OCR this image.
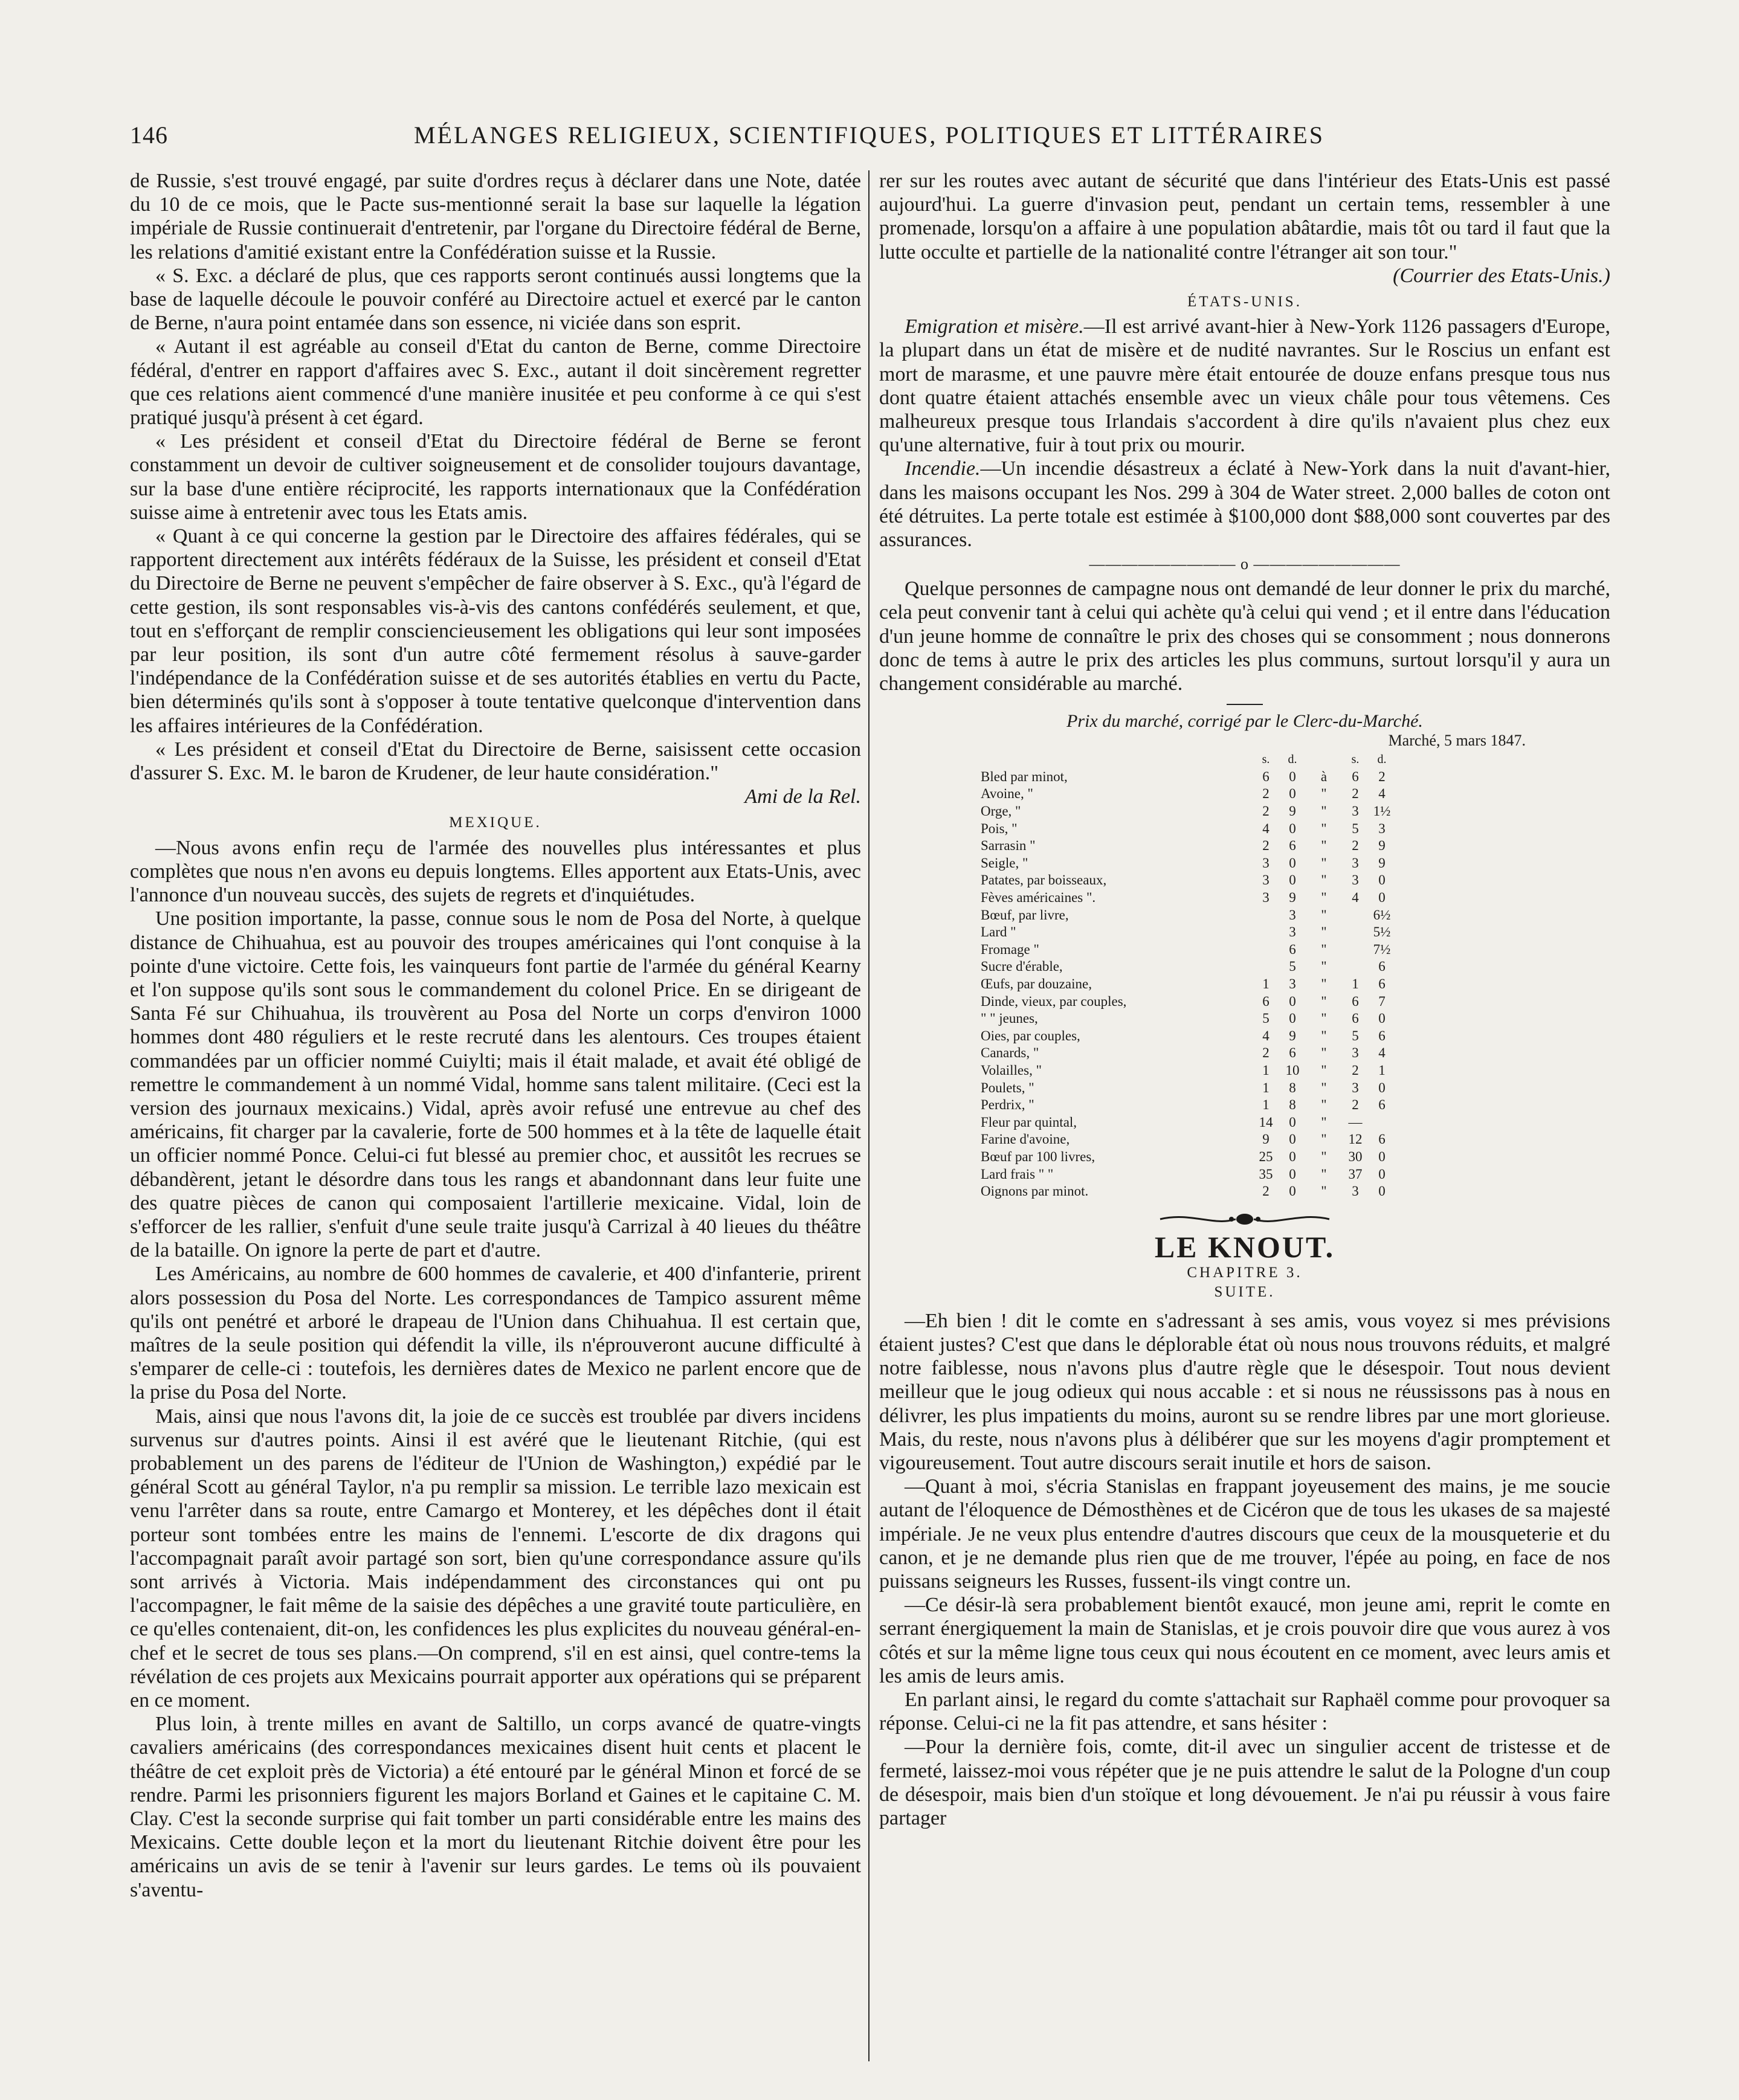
146	MÉLANGES RELIGIEUX, SCIENTIFIQUES, POLITIQUES ET LITTÉRAIRES

de Russie, s'est trouvé engagé, par suite d'ordres reçus à déclarer dans une Note, datée du 10 de ce mois, que le Pacte sus-mentionné serait la base sur laquelle la légation impériale de Russie continuerait d'entretenir, par l'organe du Directoire fédéral de Berne, les relations d'amitié existant entre la Confédération suisse et la Russie.

« S. Exc. a déclaré de plus, que ces rapports seront continués aussi longtems que la base de laquelle découle le pouvoir conféré au Directoire actuel et exercé par le canton de Berne, n'aura point entamée dans son essence, ni viciée dans son esprit.

« Autant il est agréable au conseil d'Etat du canton de Berne, comme Directoire fédéral, d'entrer en rapport d'affaires avec S. Exc., autant il doit sincèrement regretter que ces relations aient commencé d'une manière inusitée et peu conforme à ce qui s'est pratiqué jusqu'à présent à cet égard.

« Les président et conseil d'Etat du Directoire fédéral de Berne se feront constamment un devoir de cultiver soigneusement et de consolider toujours davantage, sur la base d'une entière réciprocité, les rapports internationaux que la Confédération suisse aime à entretenir avec tous les Etats amis.

« Quant à ce qui concerne la gestion par le Directoire des affaires fédérales, qui se rapportent directement aux intérêts fédéraux de la Suisse, les président et conseil d'Etat du Directoire de Berne ne peuvent s'empêcher de faire observer à S. Exc., qu'à l'égard de cette gestion, ils sont responsables vis-à-vis des cantons confédérés seulement, et que, tout en s'efforçant de remplir consciencieusement les obligations qui leur sont imposées par leur position, ils sont d'un autre côté fermement résolus à sauve-garder l'indépendance de la Confédération suisse et de ses autorités établies en vertu du Pacte, bien déterminés qu'ils sont à s'opposer à toute tentative quelconque d'intervention dans les affaires intérieures de la Confédération.

« Les président et conseil d'Etat du Directoire de Berne, saisissent cette occasion d'assurer S. Exc. M. le baron de Krudener, de leur haute considération."

Ami de la Rel.

MEXIQUE.

—Nous avons enfin reçu de l'armée des nouvelles plus intéressantes et plus complètes que nous n'en avons eu depuis longtems. Elles apportent aux Etats-Unis, avec l'annonce d'un nouveau succès, des sujets de regrets et d'inquiétudes.

Une position importante, la passe, connue sous le nom de Posa del Norte, à quelque distance de Chihuahua, est au pouvoir des troupes américaines qui l'ont conquise à la pointe d'une victoire. Cette fois, les vainqueurs font partie de l'armée du général Kearny et l'on suppose qu'ils sont sous le commandement du colonel Price. En se dirigeant de Santa Fé sur Chihuahua, ils trouvèrent au Posa del Norte un corps d'environ 1000 hommes dont 480 réguliers et le reste recruté dans les alentours. Ces troupes étaient commandées par un officier nommé Cuiylti; mais il était malade, et avait été obligé de remettre le commandement à un nommé Vidal, homme sans talent militaire. (Ceci est la version des journaux mexicains.) Vidal, après avoir refusé une entrevue au chef des américains, fit charger par la cavalerie, forte de 500 hommes et à la tête de laquelle était un officier nommé Ponce. Celui-ci fut blessé au premier choc, et aussitôt les recrues se débandèrent, jetant le désordre dans tous les rangs et abandonnant dans leur fuite une des quatre pièces de canon qui composaient l'artillerie mexicaine. Vidal, loin de s'efforcer de les rallier, s'enfuit d'une seule traite jusqu'à Carrizal à 40 lieues du théâtre de la bataille. On ignore la perte de part et d'autre.

Les Américains, au nombre de 600 hommes de cavalerie, et 400 d'infanterie, prirent alors possession du Posa del Norte. Les correspondances de Tampico assurent même qu'ils ont penétré et arboré le drapeau de l'Union dans Chihuahua. Il est certain que, maîtres de la seule position qui défendit la ville, ils n'éprouveront aucune difficulté à s'emparer de celle-ci : toutefois, les dernières dates de Mexico ne parlent encore que de la prise du Posa del Norte.

Mais, ainsi que nous l'avons dit, la joie de ce succès est troublée par divers incidens survenus sur d'autres points. Ainsi il est avéré que le lieutenant Ritchie, (qui est probablement un des parens de l'éditeur de l'Union de Washington,) expédié par le général Scott au général Taylor, n'a pu remplir sa mission. Le terrible lazo mexicain est venu l'arrêter dans sa route, entre Camargo et Monterey, et les dépêches dont il était porteur sont tombées entre les mains de l'ennemi. L'escorte de dix dragons qui l'accompagnait paraît avoir partagé son sort, bien qu'une correspondance assure qu'ils sont arrivés à Victoria. Mais indépendamment des circonstances qui ont pu l'accompagner, le fait même de la saisie des dépêches a une gravité toute particulière, en ce qu'elles contenaient, dit-on, les confidences les plus explicites du nouveau général-en-chef et le secret de tous ses plans.—On comprend, s'il en est ainsi, quel contre-tems la révélation de ces projets aux Mexicains pourrait apporter aux opérations qui se préparent en ce moment.

Plus loin, à trente milles en avant de Saltillo, un corps avancé de quatre-vingts cavaliers américains (des correspondances mexicaines disent huit cents et placent le théâtre de cet exploit près de Victoria) a été entouré par le général Minon et forcé de se rendre. Parmi les prisonniers figurent les majors Borland et Gaines et le capitaine C. M. Clay. C'est la seconde surprise qui fait tomber un parti considérable entre les mains des Mexicains. Cette double leçon et la mort du lieutenant Ritchie doivent être pour les américains un avis de se tenir à l'avenir sur leurs gardes. Le tems où ils pouvaient s'aventu-

rer sur les routes avec autant de sécurité que dans l'intérieur des Etats-Unis est passé aujourd'hui. La guerre d'invasion peut, pendant un certain tems, ressembler à une promenade, lorsqu'on a affaire à une population abâtardie, mais tôt ou tard il faut que la lutte occulte et partielle de la nationalité contre l'étranger ait son tour."

(Courrier des Etats-Unis.)

ÉTATS-UNIS.

Emigration et misère.—Il est arrivé avant-hier à New-York 1126 passagers d'Europe, la plupart dans un état de misère et de nudité navrantes. Sur le Roscius un enfant est mort de marasme, et une pauvre mère était entourée de douze enfans presque tous nus dont quatre étaient attachés ensemble avec un vieux châle pour tous vêtemens. Ces malheureux presque tous Irlandais s'accordent à dire qu'ils n'avaient plus chez eux qu'une alternative, fuir à tout prix ou mourir.

Incendie.—Un incendie désastreux a éclaté à New-York dans la nuit d'avant-hier, dans les maisons occupant les Nos. 299 à 304 de Water street. 2,000 balles de coton ont été détruites. La perte totale est estimée à $100,000 dont $88,000 sont couvertes par des assurances.

————————— o —————————

Quelque personnes de campagne nous ont demandé de leur donner le prix du marché, cela peut convenir tant à celui qui achète qu'à celui qui vend ; et il entre dans l'éducation d'un jeune homme de connaître le prix des choses qui se consomment ; nous donnerons donc de tems à autre le prix des articles les plus communs, surtout lorsqu'il y aura un changement considérable au marché.

Prix du marché, corrigé par le Clerc-du-Marché.
Marché, 5 mars 1847.
	s.	d.		s.	d.
Bled par minot,	6	0	à	6	2
Avoine, "	2	0	"	2	4
Orge, "	2	9	"	3	1½
Pois, "	4	0	"	5	3
Sarrasin "	2	6	"	2	9
Seigle, "	3	0	"	3	9
Patates, par boisseaux,	3	0	"	3	0
Fèves américaines ".	3	9	"	4	0
Bœuf, par livre,		3	"		6½
Lard "		3	"		5½
Fromage "		6	"		7½
Sucre d'érable,		5	"		6
Œufs, par douzaine,	1	3	"	1	6
Dinde, vieux, par couples,	6	0	"	6	7
" " jeunes,	5	0	"	6	0
Oies, par couples,	4	9	"	5	6
Canards, "	2	6	"	3	4
Volailles, "	1	10	"	2	1
Poulets, "	1	8	"	3	0
Perdrix, "	1	8	"	2	6
Fleur par quintal,	14	0	"	—	
Farine d'avoine,	9	0	"	12	6
Bœuf par 100 livres,	25	0	"	30	0
Lard frais " "	35	0	"	37	0
Oignons par minot.	2	0	"	3	0
LE KNOUT.
CHAPITRE 3.
SUITE.

—Eh bien ! dit le comte en s'adressant à ses amis, vous voyez si mes prévisions étaient justes? C'est que dans le déplorable état où nous nous trouvons réduits, et malgré notre faiblesse, nous n'avons plus d'autre règle que le désespoir. Tout nous devient meilleur que le joug odieux qui nous accable : et si nous ne réussissons pas à nous en délivrer, les plus impatients du moins, auront su se rendre libres par une mort glorieuse. Mais, du reste, nous n'avons plus à délibérer que sur les moyens d'agir promptement et vigoureusement. Tout autre discours serait inutile et hors de saison.

—Quant à moi, s'écria Stanislas en frappant joyeusement des mains, je me soucie autant de l'éloquence de Démosthènes et de Cicéron que de tous les ukases de sa majesté impériale. Je ne veux plus entendre d'autres discours que ceux de la mousqueterie et du canon, et je ne demande plus rien que de me trouver, l'épée au poing, en face de nos puissans seigneurs les Russes, fussent-ils vingt contre un.

—Ce désir-là sera probablement bientôt exaucé, mon jeune ami, reprit le comte en serrant énergiquement la main de Stanislas, et je crois pouvoir dire que vous aurez à vos côtés et sur la même ligne tous ceux qui nous écoutent en ce moment, avec leurs amis et les amis de leurs amis.

En parlant ainsi, le regard du comte s'attachait sur Raphaël comme pour provoquer sa réponse. Celui-ci ne la fit pas attendre, et sans hésiter :

—Pour la dernière fois, comte, dit-il avec un singulier accent de tristesse et de fermeté, laissez-moi vous répéter que je ne puis attendre le salut de la Pologne d'un coup de désespoir, mais bien d'un stoïque et long dévouement. Je n'ai pu réussir à vous faire partager
